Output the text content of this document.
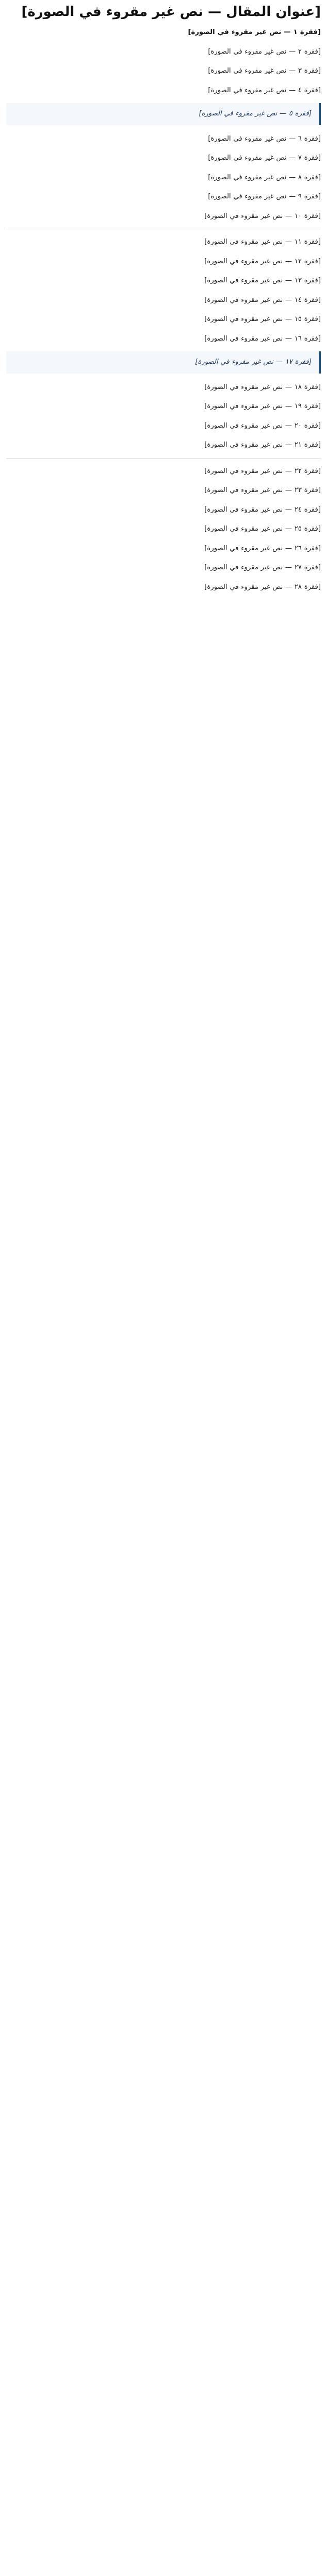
[عنوان المقال — نص غير مقروء في الصورة]

[فقرة ١ — نص غير مقروء في الصورة]

[فقرة ٢ — نص غير مقروء في الصورة]

[فقرة ٣ — نص غير مقروء في الصورة]

[فقرة ٤ — نص غير مقروء في الصورة]

[فقرة ٥ — نص غير مقروء في الصورة]

[فقرة ٦ — نص غير مقروء في الصورة]

[فقرة ٧ — نص غير مقروء في الصورة]

[فقرة ٨ — نص غير مقروء في الصورة]

[فقرة ٩ — نص غير مقروء في الصورة]

[فقرة ١٠ — نص غير مقروء في الصورة]

[فقرة ١١ — نص غير مقروء في الصورة]

[فقرة ١٢ — نص غير مقروء في الصورة]

[فقرة ١٣ — نص غير مقروء في الصورة]

[فقرة ١٤ — نص غير مقروء في الصورة]

[فقرة ١٥ — نص غير مقروء في الصورة]

[فقرة ١٦ — نص غير مقروء في الصورة]

[فقرة ١٧ — نص غير مقروء في الصورة]

[فقرة ١٨ — نص غير مقروء في الصورة]

[فقرة ١٩ — نص غير مقروء في الصورة]

[فقرة ٢٠ — نص غير مقروء في الصورة]

[فقرة ٢١ — نص غير مقروء في الصورة]

[فقرة ٢٢ — نص غير مقروء في الصورة]

[فقرة ٢٣ — نص غير مقروء في الصورة]

[فقرة ٢٤ — نص غير مقروء في الصورة]

[فقرة ٢٥ — نص غير مقروء في الصورة]

[فقرة ٢٦ — نص غير مقروء في الصورة]

[فقرة ٢٧ — نص غير مقروء في الصورة]

[فقرة ٢٨ — نص غير مقروء في الصورة]
